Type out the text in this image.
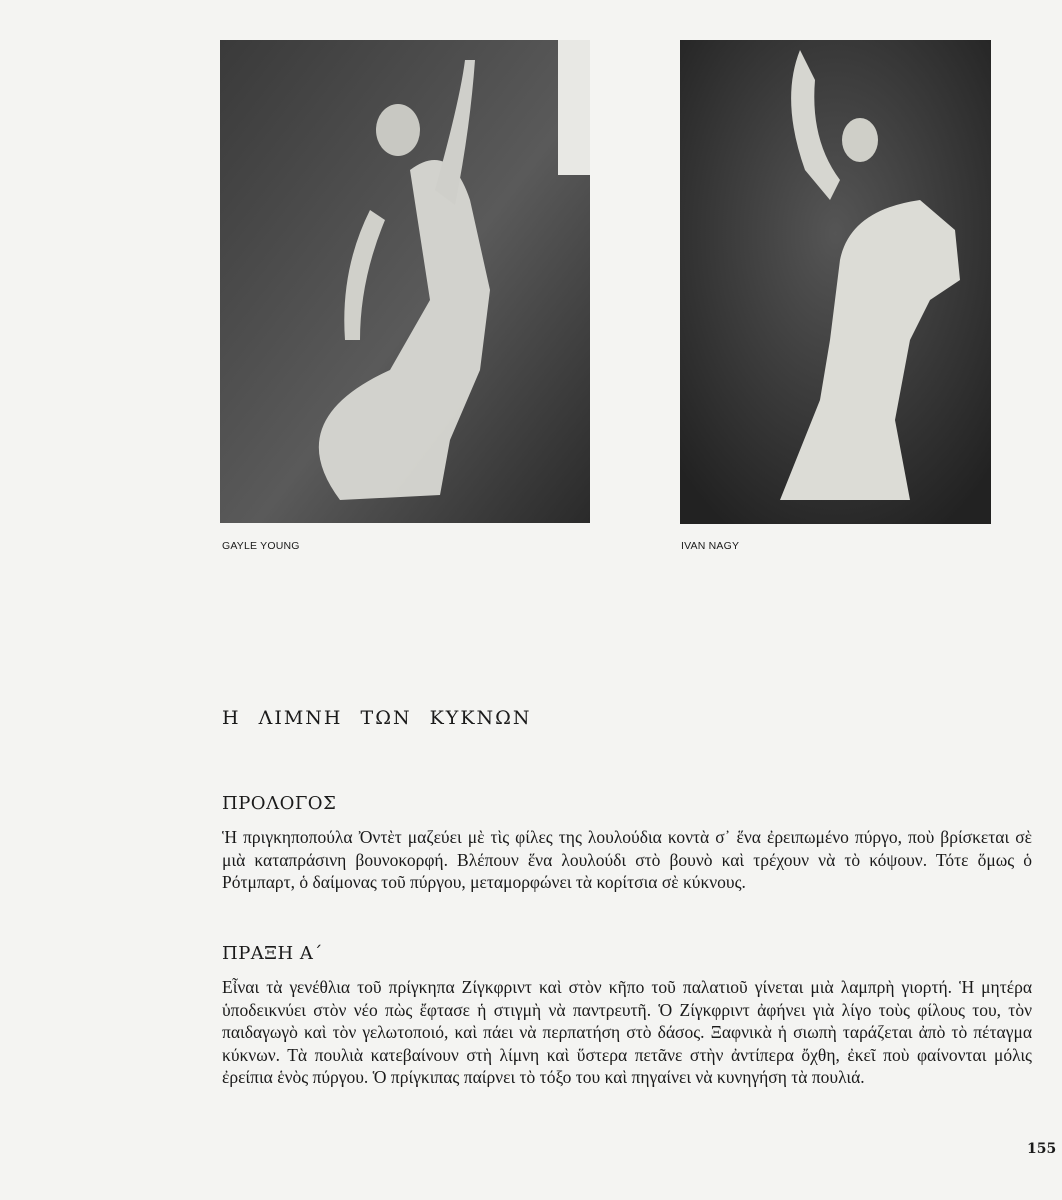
GAYLE YOUNG	IVAN NAGY
Η ΛΙΜΝΗ ΤΩΝ ΚΥΚΝΩΝ
ΠΡΟΛΟΓΟΣ
Ἡ πριγκηποπούλα Ὀντὲτ μαζεύει μὲ τὶς φίλες της λουλούδια κοντὰ σ᾽ ἕνα ἐρειπωμένο πύργο, ποὺ βρίσκεται σὲ μιὰ καταπράσινη βουνοκορφή. Βλέπουν ἕνα λουλούδι στὸ βουνὸ καὶ τρέχουν νὰ τὸ κόψουν. Τότε ὅμως ὁ Ρότμπαρτ, ὁ δαίμονας τοῦ πύργου, μεταμορφώνει τὰ κορίτσια σὲ κύκνους.
ΠΡΑΞΗ Α΄
Εἶναι τὰ γενέθλια τοῦ πρίγκηπα Ζίγκφριντ καὶ στὸν κῆπο τοῦ παλατιοῦ γίνεται μιὰ λαμπρὴ γιορτή. Ἡ μητέρα ὑποδεικνύει στὸν νέο πὼς ἔφτασε ἡ στιγμὴ νὰ παντρευτῆ. Ὁ Ζίγκφριντ ἀφήνει γιὰ λίγο τοὺς φίλους του, τὸν παιδαγωγὸ καὶ τὸν γελωτοποιό, καὶ πάει νὰ περπατήση στὸ δάσος. Ξαφνικὰ ἡ σιωπὴ ταράζεται ἀπὸ τὸ πέταγμα κύκνων. Τὰ πουλιὰ κατεβαίνουν στὴ λίμνη καὶ ὕστερα πετᾶνε στὴν ἀντίπερα ὄχθη, ἐκεῖ ποὺ φαίνονται μόλις ἐρείπια ἑνὸς πύργου. Ὁ πρίγκιπας παίρνει τὸ τόξο του καὶ πηγαίνει νὰ κυνηγήση τὰ πουλιά.
155
